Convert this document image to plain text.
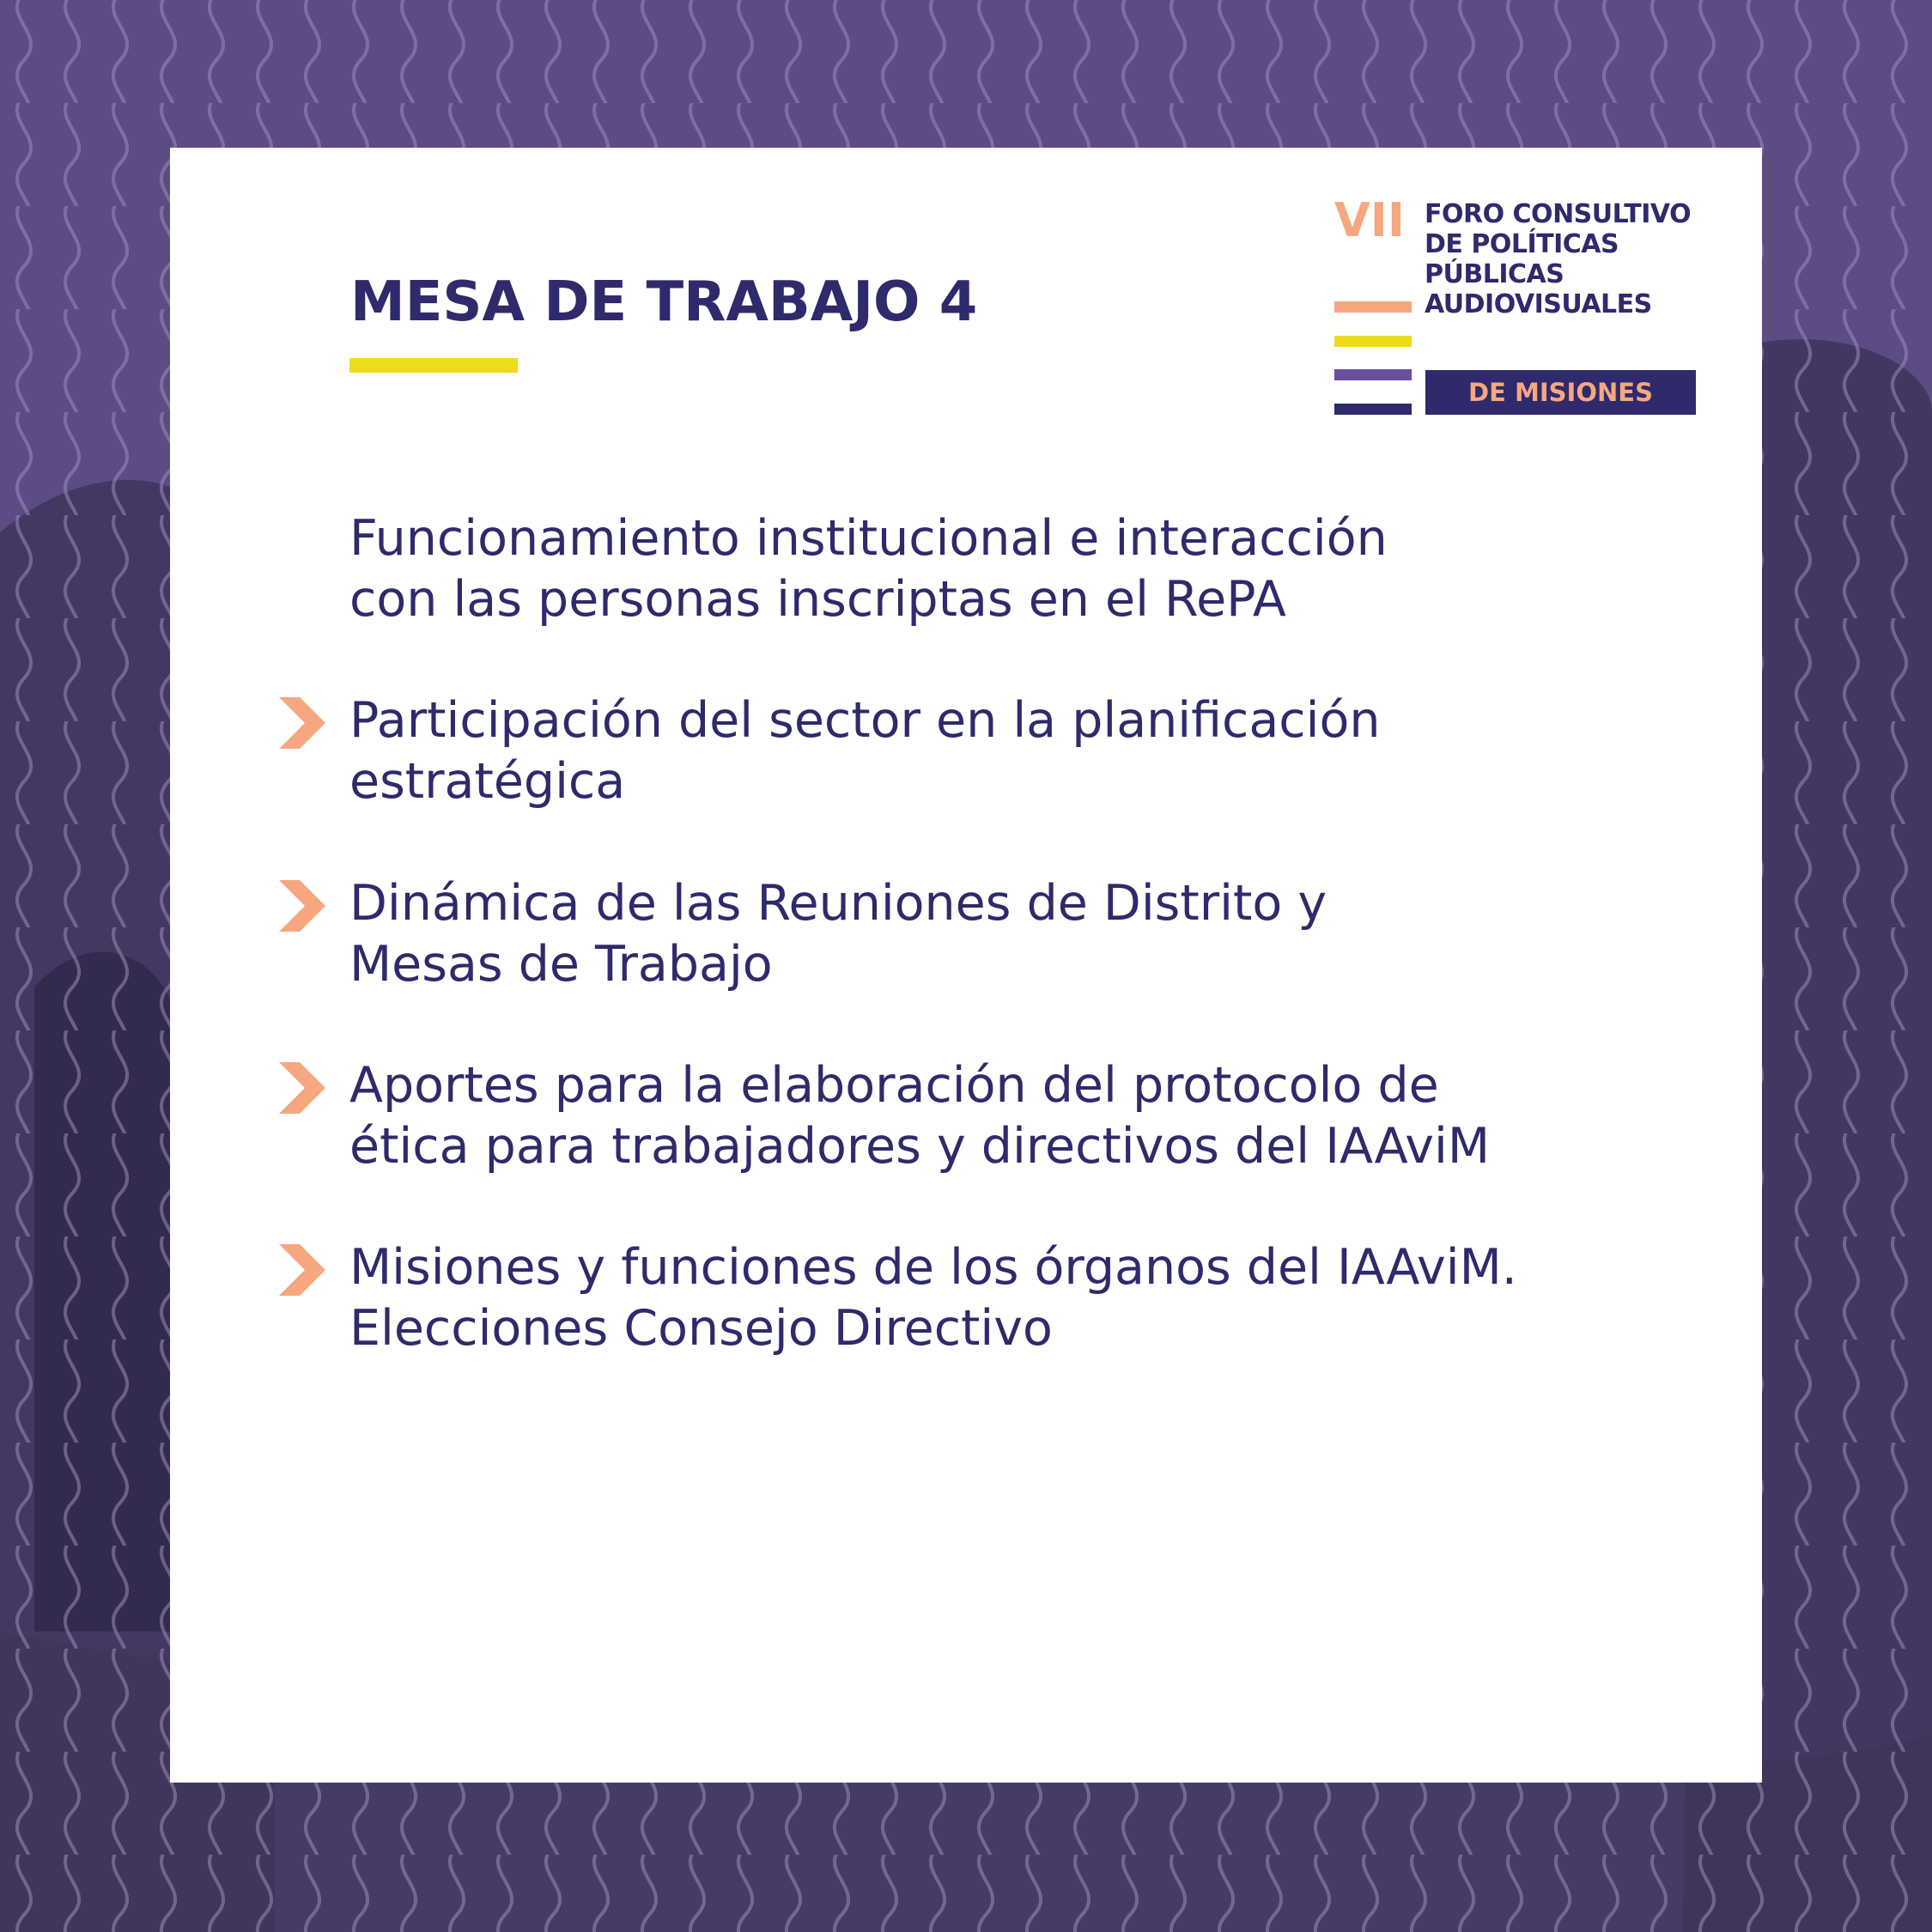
MESA DE TRABAJO 4
VII FORO CONSULTIVO
DE POLÍTICAS
PÚBLICAS
AUDIOVISUALES
DE MISIONES
Funcionamiento institucional e interacción
con las personas inscriptas en el RePA
Participación del sector en la planificación
estratégica
Dinámica de las Reuniones de Distrito y
Mesas de Trabajo
Aportes para la elaboración del protocolo de
ética para trabajadores y directivos del IAAviM
Misiones y funciones de los órganos del IAAviM.
Elecciones Consejo Directivo
